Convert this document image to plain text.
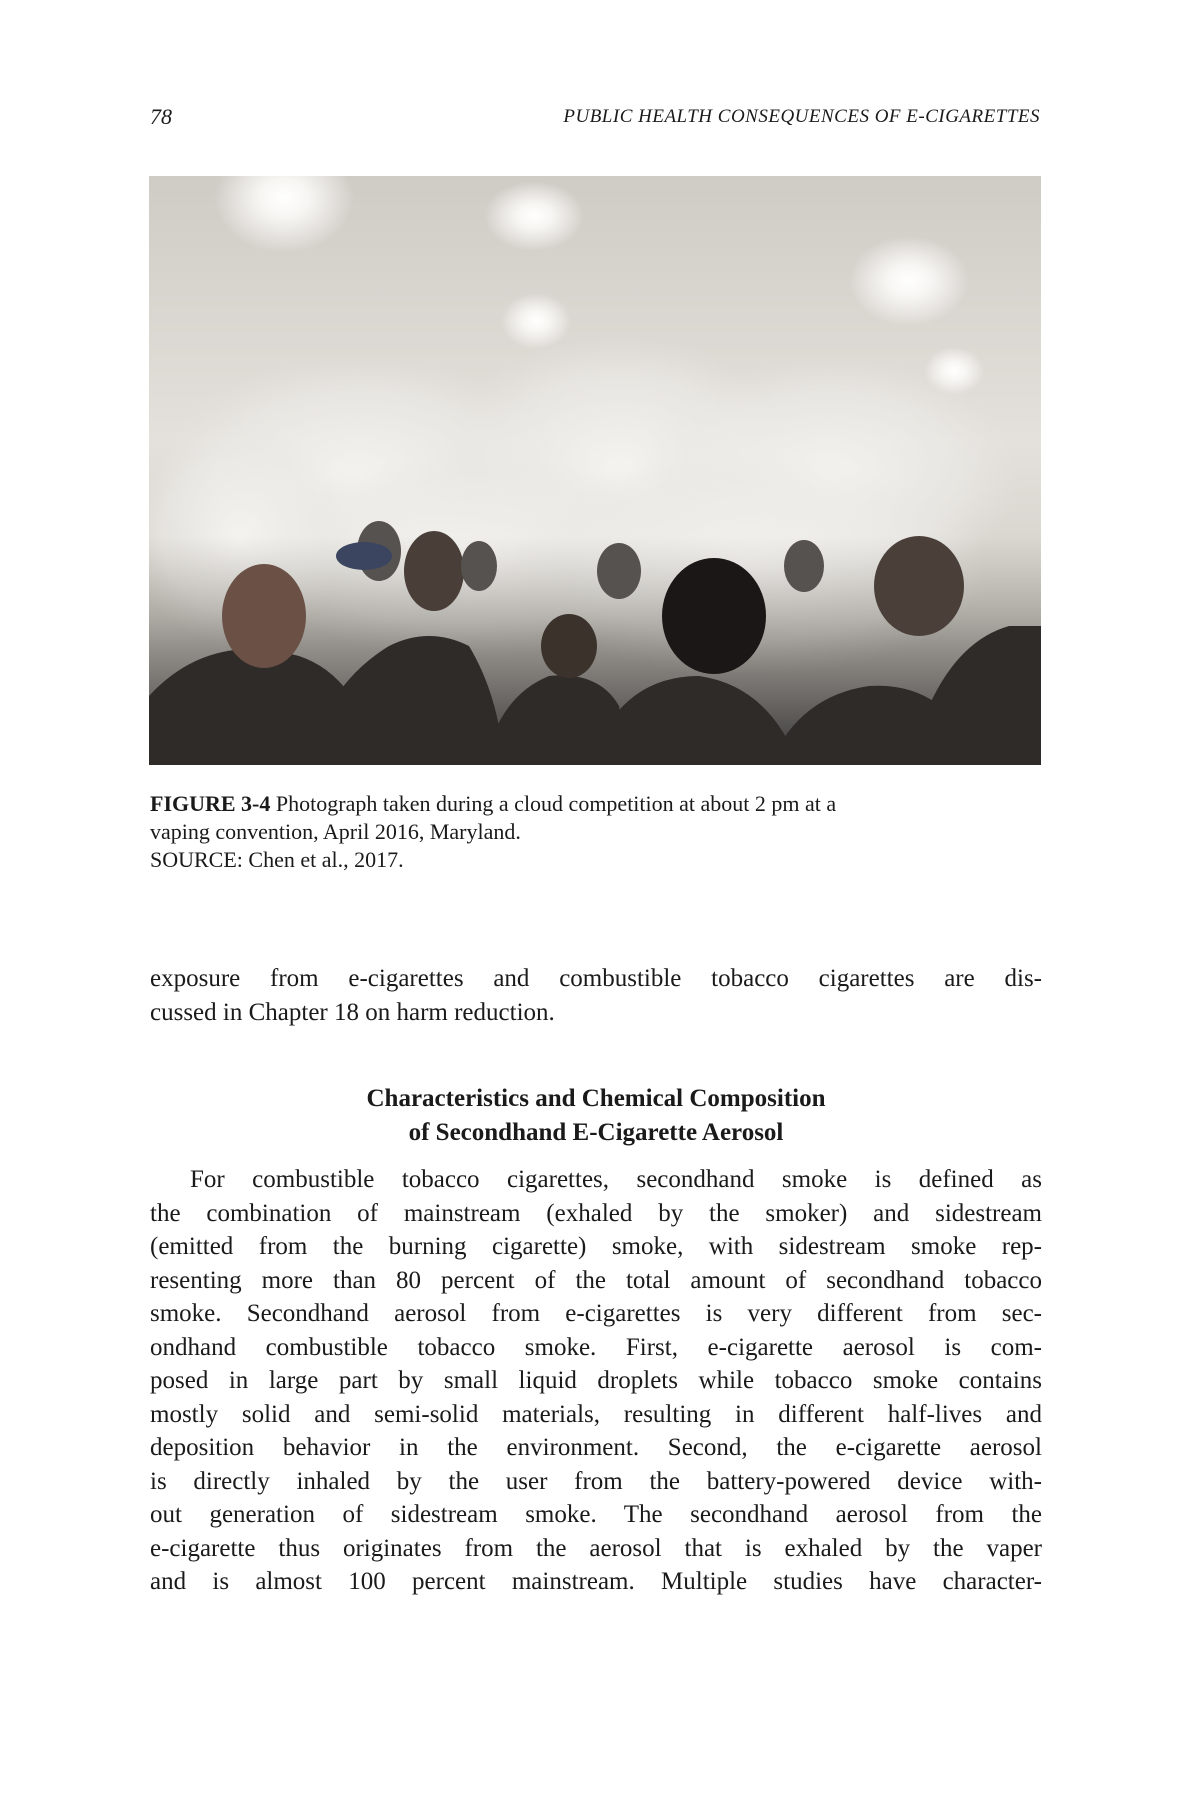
78	PUBLIC HEALTH CONSEQUENCES OF E-CIGARETTES
FIGURE 3-4 Photograph taken during a cloud competition at about 2 pm at a
vaping convention, April 2016, Maryland.
SOURCE: Chen et al., 2017.
exposure from e-cigarettes and combustible tobacco cigarettes are dis-
cussed in Chapter 18 on harm reduction.
Characteristics and Chemical Composition
of Secondhand E-Cigarette Aerosol
For combustible tobacco cigarettes, secondhand smoke is defined as
the combination of mainstream (exhaled by the smoker) and sidestream
(emitted from the burning cigarette) smoke, with sidestream smoke rep-
resenting more than 80 percent of the total amount of secondhand tobacco
smoke. Secondhand aerosol from e-cigarettes is very different from sec-
ondhand combustible tobacco smoke. First, e-cigarette aerosol is com-
posed in large part by small liquid droplets while tobacco smoke contains
mostly solid and semi-solid materials, resulting in different half-lives and
deposition behavior in the environment. Second, the e-cigarette aerosol
is directly inhaled by the user from the battery-powered device with-
out generation of sidestream smoke. The secondhand aerosol from the
e-cigarette thus originates from the aerosol that is exhaled by the vaper
and is almost 100 percent mainstream. Multiple studies have character-
